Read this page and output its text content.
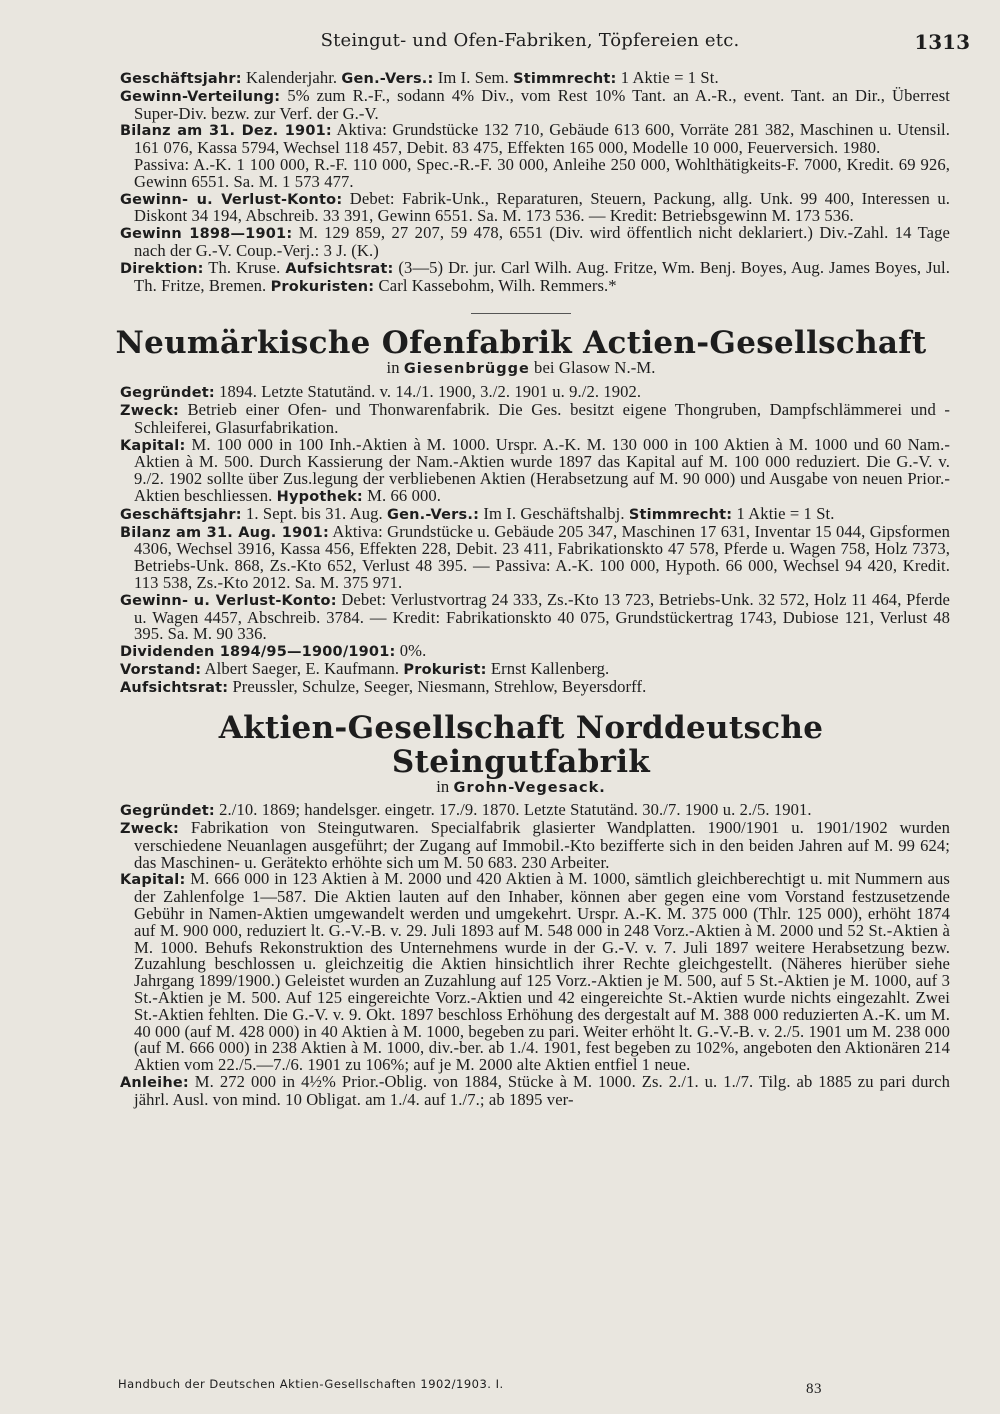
Steingut- und Ofen-Fabriken, Töpfereien etc.	1313

Geschäftsjahr: Kalenderjahr. Gen.-Vers.: Im I. Sem. Stimmrecht: 1 Aktie = 1 St.

Gewinn-Verteilung: 5% zum R.-F., sodann 4% Div., vom Rest 10% Tant. an A.-R., event. Tant. an Dir., Überrest Super-Div. bezw. zur Verf. der G.-V.

Bilanz am 31. Dez. 1901: Aktiva: Grundstücke 132 710, Gebäude 613 600, Vorräte 281 382, Maschinen u. Utensil. 161 076, Kassa 5794, Wechsel 118 457, Debit. 83 475, Effekten 165 000, Modelle 10 000, Feuerversich. 1980.

Passiva: A.-K. 1 100 000, R.-F. 110 000, Spec.-R.-F. 30 000, Anleihe 250 000, Wohlthätigkeits-F. 7000, Kredit. 69 926, Gewinn 6551. Sa. M. 1 573 477.

Gewinn- u. Verlust-Konto: Debet: Fabrik-Unk., Reparaturen, Steuern, Packung, allg. Unk. 99 400, Interessen u. Diskont 34 194, Abschreib. 33 391, Gewinn 6551. Sa. M. 173 536. — Kredit: Betriebsgewinn M. 173 536.

Gewinn 1898—1901: M. 129 859, 27 207, 59 478, 6551 (Div. wird öffentlich nicht deklariert.) Div.-Zahl. 14 Tage nach der G.-V. Coup.-Verj.: 3 J. (K.)

Direktion: Th. Kruse. Aufsichtsrat: (3—5) Dr. jur. Carl Wilh. Aug. Fritze, Wm. Benj. Boyes, Aug. James Boyes, Jul. Th. Fritze, Bremen. Prokuristen: Carl Kassebohm, Wilh. Remmers.*

Neumärkische Ofenfabrik Actien-Gesellschaft

in Giesenbrügge bei Glasow N.-M.

Gegründet: 1894. Letzte Statutänd. v. 14./1. 1900, 3./2. 1901 u. 9./2. 1902.

Zweck: Betrieb einer Ofen- und Thonwarenfabrik. Die Ges. besitzt eigene Thongruben, Dampfschlämmerei und -Schleiferei, Glasurfabrikation.

Kapital: M. 100 000 in 100 Inh.-Aktien à M. 1000. Urspr. A.-K. M. 130 000 in 100 Aktien à M. 1000 und 60 Nam.-Aktien à M. 500. Durch Kassierung der Nam.-Aktien wurde 1897 das Kapital auf M. 100 000 reduziert. Die G.-V. v. 9./2. 1902 sollte über Zus.legung der verbliebenen Aktien (Herabsetzung auf M. 90 000) und Ausgabe von neuen Prior.-Aktien beschliessen. Hypothek: M. 66 000.

Geschäftsjahr: 1. Sept. bis 31. Aug. Gen.-Vers.: Im I. Geschäftshalbj. Stimmrecht: 1 Aktie = 1 St.

Bilanz am 31. Aug. 1901: Aktiva: Grundstücke u. Gebäude 205 347, Maschinen 17 631, Inventar 15 044, Gipsformen 4306, Wechsel 3916, Kassa 456, Effekten 228, Debit. 23 411, Fabrikationskto 47 578, Pferde u. Wagen 758, Holz 7373, Betriebs-Unk. 868, Zs.-Kto 652, Verlust 48 395. — Passiva: A.-K. 100 000, Hypoth. 66 000, Wechsel 94 420, Kredit. 113 538, Zs.-Kto 2012. Sa. M. 375 971.

Gewinn- u. Verlust-Konto: Debet: Verlustvortrag 24 333, Zs.-Kto 13 723, Betriebs-Unk. 32 572, Holz 11 464, Pferde u. Wagen 4457, Abschreib. 3784. — Kredit: Fabrikationskto 40 075, Grundstückertrag 1743, Dubiose 121, Verlust 48 395. Sa. M. 90 336.

Dividenden 1894/95—1900/1901: 0%.

Vorstand: Albert Saeger, E. Kaufmann. Prokurist: Ernst Kallenberg.

Aufsichtsrat: Preussler, Schulze, Seeger, Niesmann, Strehlow, Beyersdorff.

Aktien-Gesellschaft Norddeutsche Steingutfabrik

in Grohn-Vegesack.

Gegründet: 2./10. 1869; handelsger. eingetr. 17./9. 1870. Letzte Statutänd. 30./7. 1900 u. 2./5. 1901.

Zweck: Fabrikation von Steingutwaren. Specialfabrik glasierter Wandplatten. 1900/1901 u. 1901/1902 wurden verschiedene Neuanlagen ausgeführt; der Zugang auf Immobil.-Kto bezifferte sich in den beiden Jahren auf M. 99 624; das Maschinen- u. Gerätekto erhöhte sich um M. 50 683. 230 Arbeiter.

Kapital: M. 666 000 in 123 Aktien à M. 2000 und 420 Aktien à M. 1000, sämtlich gleichberechtigt u. mit Nummern aus der Zahlenfolge 1—587. Die Aktien lauten auf den Inhaber, können aber gegen eine vom Vorstand festzusetzende Gebühr in Namen-Aktien umgewandelt werden und umgekehrt. Urspr. A.-K. M. 375 000 (Thlr. 125 000), erhöht 1874 auf M. 900 000, reduziert lt. G.-V.-B. v. 29. Juli 1893 auf M. 548 000 in 248 Vorz.-Aktien à M. 2000 und 52 St.-Aktien à M. 1000. Behufs Rekonstruktion des Unternehmens wurde in der G.-V. v. 7. Juli 1897 weitere Herabsetzung bezw. Zuzahlung beschlossen u. gleichzeitig die Aktien hinsichtlich ihrer Rechte gleichgestellt. (Näheres hierüber siehe Jahrgang 1899/1900.) Geleistet wurden an Zuzahlung auf 125 Vorz.-Aktien je M. 500, auf 5 St.-Aktien je M. 1000, auf 3 St.-Aktien je M. 500. Auf 125 eingereichte Vorz.-Aktien und 42 eingereichte St.-Aktien wurde nichts eingezahlt. Zwei St.-Aktien fehlten. Die G.-V. v. 9. Okt. 1897 beschloss Erhöhung des dergestalt auf M. 388 000 reduzierten A.-K. um M. 40 000 (auf M. 428 000) in 40 Aktien à M. 1000, begeben zu pari. Weiter erhöht lt. G.-V.-B. v. 2./5. 1901 um M. 238 000 (auf M. 666 000) in 238 Aktien à M. 1000, div.-ber. ab 1./4. 1901, fest begeben zu 102%, angeboten den Aktionären 214 Aktien vom 22./5.—7./6. 1901 zu 106%; auf je M. 2000 alte Aktien entfiel 1 neue.

Anleihe: M. 272 000 in 4½% Prior.-Oblig. von 1884, Stücke à M. 1000. Zs. 2./1. u. 1./7. Tilg. ab 1885 zu pari durch jährl. Ausl. von mind. 10 Obligat. am 1./4. auf 1./7.; ab 1895 ver-

Handbuch der Deutschen Aktien-Gesellschaften 1902/1903. I.	83
